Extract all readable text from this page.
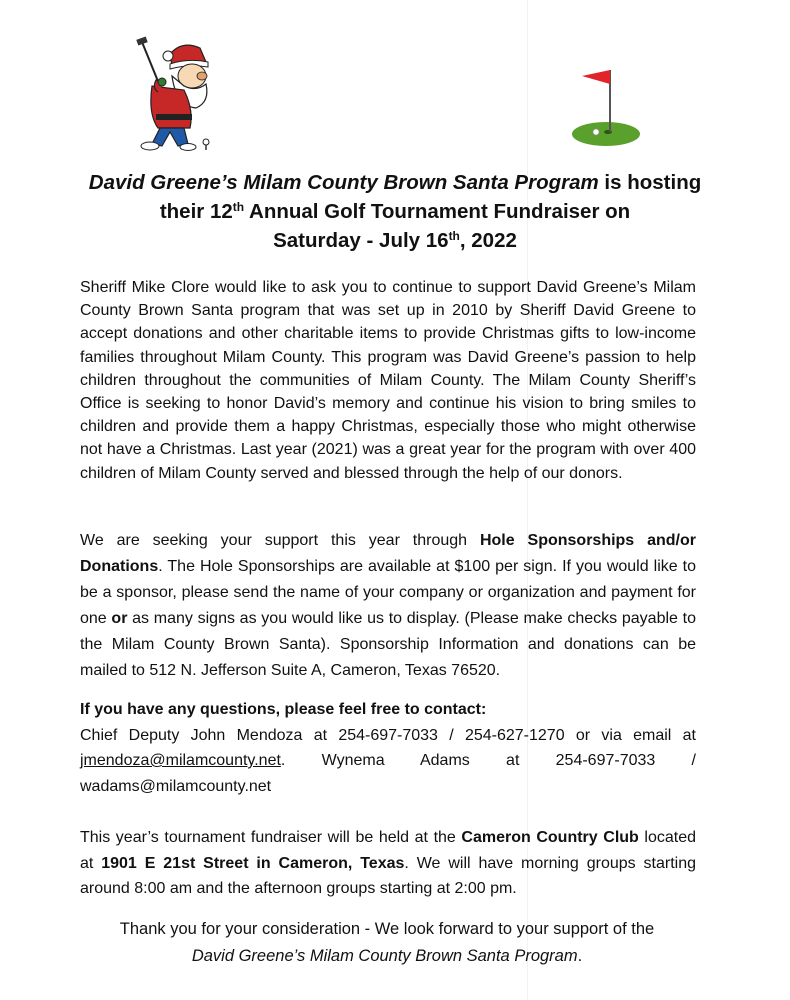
David Greene’s Milam County Brown Santa Program is hosting
their 12th Annual Golf Tournament Fundraiser on
Saturday - July 16th, 2022
Sheriff Mike Clore would like to ask you to continue to support David Greene’s Milam County Brown Santa program that was set up in 2010 by Sheriff David Greene to accept donations and other charitable items to provide Christmas gifts to low-income families throughout Milam County. This program was David Greene’s passion to help children throughout the communities of Milam County. The Milam County Sheriff’s Office is seeking to honor David’s memory and continue his vision to bring smiles to children and provide them a happy Christmas, especially those who might otherwise not have a Christmas. Last year (2021) was a great year for the program with over 400 children of Milam County served and blessed through the help of our donors.
We are seeking your support this year through Hole Sponsorships and/or Donations. The Hole Sponsorships are available at $100 per sign. If you would like to be a sponsor, please send the name of your company or organization and payment for one or as many signs as you would like us to display. (Please make checks payable to the Milam County Brown Santa). Sponsorship Information and donations can be mailed to 512 N. Jefferson Suite A, Cameron, Texas 76520.
If you have any questions, please feel free to contact:
Chief Deputy John Mendoza at 254-697-7033 / 254-627-1270 or via email at
jmendoza@milamcounty.net. Wynema Adams at 254-697-7033 /
wadams@milamcounty.net
This year’s tournament fundraiser will be held at the Cameron Country Club located at 1901 E 21st Street in Cameron, Texas. We will have morning groups starting around 8:00 am and the afternoon groups starting at 2:00 pm.
Thank you for your consideration - We look forward to your support of the
David Greene’s Milam County Brown Santa Program.
